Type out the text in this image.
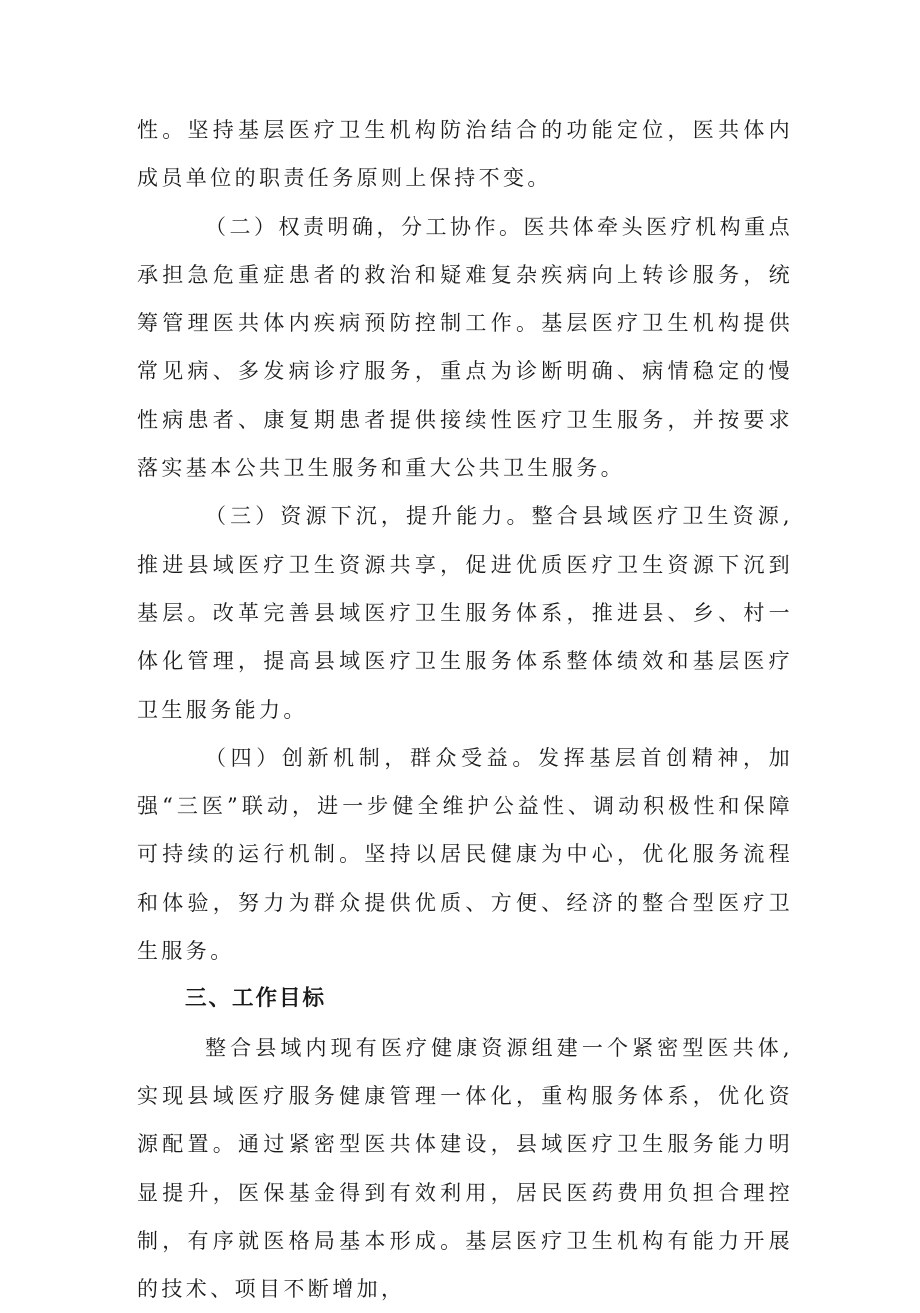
性。坚持基层医疗卫生机构防治结合的功能定位，医共体内成员单位的职责任务原则上保持不变。

（二）权责明确，分工协作。医共体牵头医疗机构重点承担急危重症患者的救治和疑难复杂疾病向上转诊服务，统筹管理医共体内疾病预防控制工作。基层医疗卫生机构提供常见病、多发病诊疗服务，重点为诊断明确、病情稳定的慢性病患者、康复期患者提供接续性医疗卫生服务，并按要求落实基本公共卫生服务和重大公共卫生服务。

（三）资源下沉，提升能力。整合县域医疗卫生资源,推进县域医疗卫生资源共享，促进优质医疗卫生资源下沉到基层。改革完善县域医疗卫生服务体系，推进县、乡、村一体化管理，提高县域医疗卫生服务体系整体绩效和基层医疗卫生服务能力。

（四）创新机制，群众受益。发挥基层首创精神，加强“三医”联动，进一步健全维护公益性、调动积极性和保障可持续的运行机制。坚持以居民健康为中心，优化服务流程和体验，努力为群众提供优质、方便、经济的整合型医疗卫生服务。

三、工作目标

整合县域内现有医疗健康资源组建一个紧密型医共体,实现县域医疗服务健康管理一体化，重构服务体系，优化资源配置。通过紧密型医共体建设，县域医疗卫生服务能力明显提升，医保基金得到有效利用，居民医药费用负担合理控制，有序就医格局基本形成。基层医疗卫生机构有能力开展的技术、项目不断增加，
